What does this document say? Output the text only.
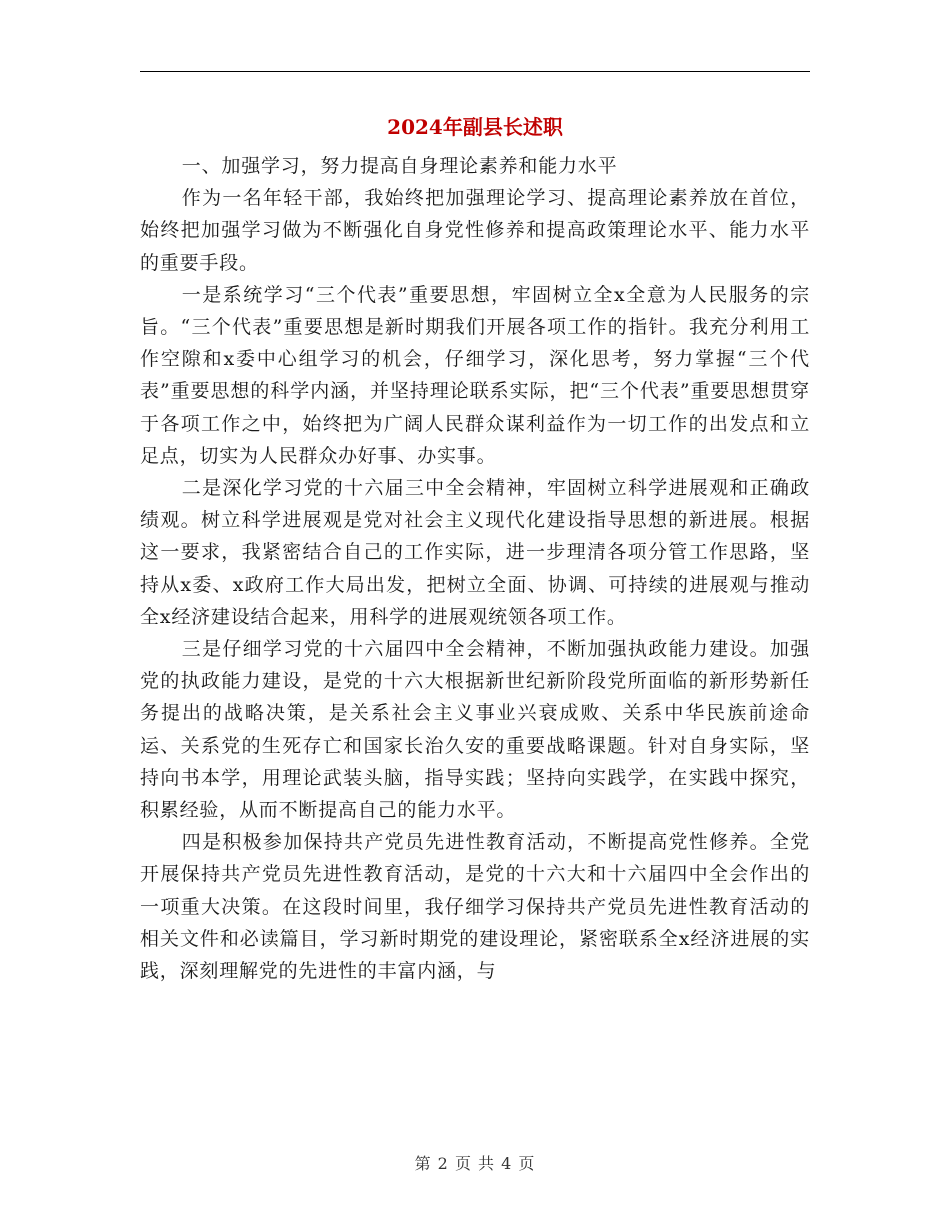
2024年副县长述职

一、加强学习，努力提高自身理论素养和能力水平

作为一名年轻干部，我始终把加强理论学习、提高理论素养放在首位，始终把加强学习做为不断强化自身党性修养和提高政策理论水平、能力水平的重要手段。

一是系统学习“三个代表”重要思想，牢固树立全x全意为人民服务的宗旨。“三个代表”重要思想是新时期我们开展各项工作的指针。我充分利用工作空隙和x委中心组学习的机会，仔细学习，深化思考，努力掌握“三个代表”重要思想的科学内涵，并坚持理论联系实际，把“三个代表”重要思想贯穿于各项工作之中，始终把为广阔人民群众谋利益作为一切工作的出发点和立足点，切实为人民群众办好事、办实事。

二是深化学习党的十六届三中全会精神，牢固树立科学进展观和正确政绩观。树立科学进展观是党对社会主义现代化建设指导思想的新进展。根据这一要求，我紧密结合自己的工作实际，进一步理清各项分管工作思路，坚持从x委、x政府工作大局出发，把树立全面、协调、可持续的进展观与推动全x经济建设结合起来，用科学的进展观统领各项工作。

三是仔细学习党的十六届四中全会精神，不断加强执政能力建设。加强党的执政能力建设，是党的十六大根据新世纪新阶段党所面临的新形势新任务提出的战略决策，是关系社会主义事业兴衰成败、关系中华民族前途命运、关系党的生死存亡和国家长治久安的重要战略课题。针对自身实际，坚持向书本学，用理论武装头脑，指导实践；坚持向实践学，在实践中探究，积累经验，从而不断提高自己的能力水平。

四是积极参加保持共产党员先进性教育活动，不断提高党性修养。全党开展保持共产党员先进性教育活动，是党的十六大和十六届四中全会作出的一项重大决策。在这段时间里，我仔细学习保持共产党员先进性教育活动的相关文件和必读篇目，学习新时期党的建设理论，紧密联系全x经济进展的实践，深刻理解党的先进性的丰富内涵，与

第 2 页 共 4 页
